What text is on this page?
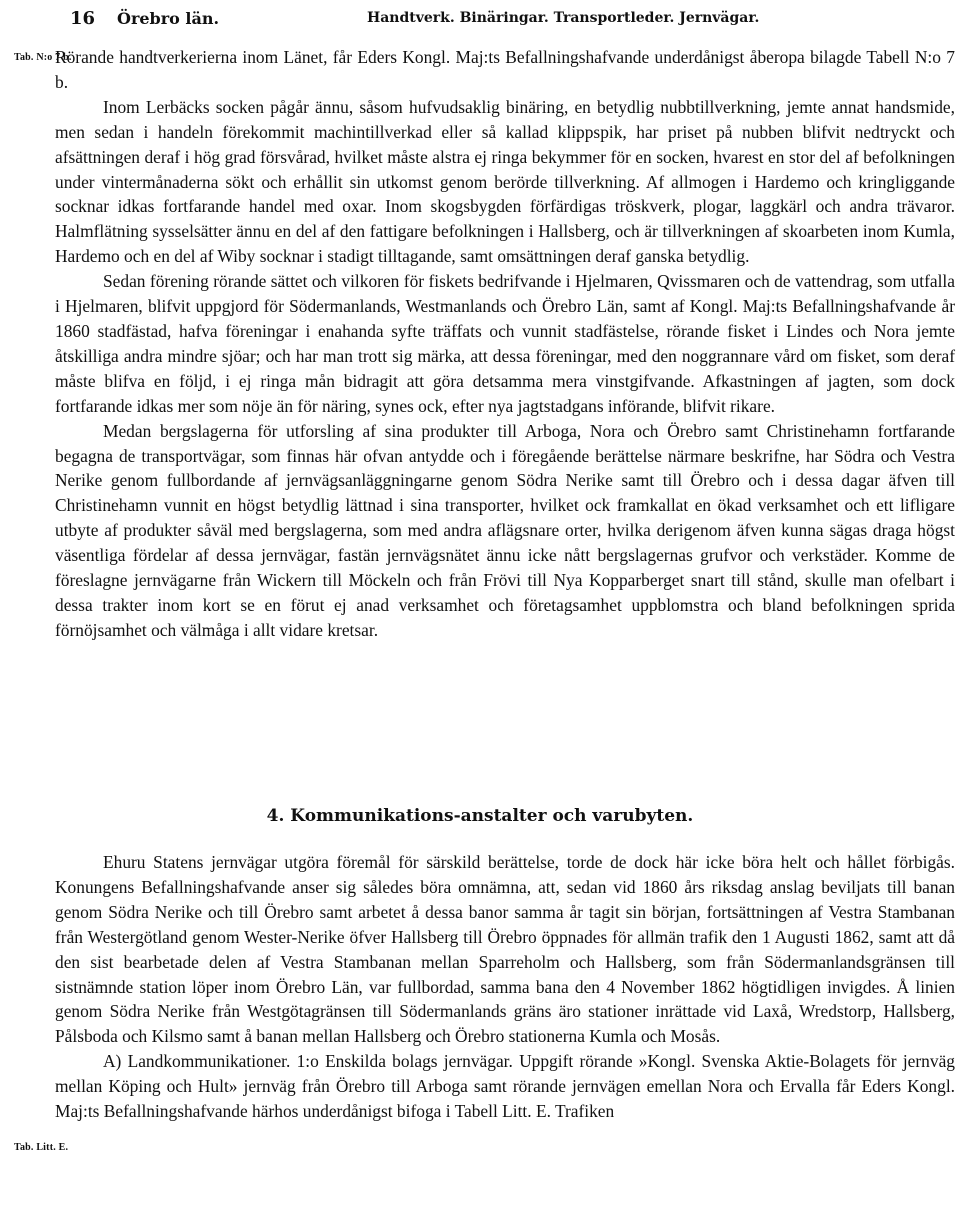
16 Örebro län.	Handtverk. Binäringar. Transportleder. Jernvägar.
Tab. N:o 7 b.

Rörande handtverkerierna inom Länet, får Eders Kongl. Maj:ts Befallningshafvande underdånigst åberopa bilagde Tabell N:o 7 b.

Inom Lerbäcks socken pågår ännu, såsom hufvudsaklig binäring, en betydlig nubbtillverkning, jemte annat handsmide, men sedan i handeln förekommit machintillverkad eller så kallad klippspik, har priset på nubben blifvit nedtryckt och afsättningen deraf i hög grad försvårad, hvilket måste alstra ej ringa bekymmer för en socken, hvarest en stor del af befolkningen under vintermånaderna sökt och erhållit sin utkomst genom berörde tillverkning. Af allmogen i Hardemo och kringliggande socknar idkas fortfarande handel med oxar. Inom skogsbygden förfärdigas tröskverk, plogar, laggkärl och andra trävaror. Halmflätning sysselsätter ännu en del af den fattigare befolkningen i Hallsberg, och är tillverkningen af skoarbeten inom Kumla, Hardemo och en del af Wiby socknar i stadigt tilltagande, samt omsättningen deraf ganska betydlig.

Sedan förening rörande sättet och vilkoren för fiskets bedrifvande i Hjelmaren, Qvissmaren och de vattendrag, som utfalla i Hjelmaren, blifvit uppgjord för Södermanlands, Westmanlands och Örebro Län, samt af Kongl. Maj:ts Befallningshafvande år 1860 stadfästad, hafva föreningar i enahanda syfte träffats och vunnit stadfästelse, rörande fisket i Lindes och Nora jemte åtskilliga andra mindre sjöar; och har man trott sig märka, att dessa föreningar, med den noggrannare vård om fisket, som deraf måste blifva en följd, i ej ringa mån bidragit att göra detsamma mera vinstgifvande. Afkastningen af jagten, som dock fortfarande idkas mer som nöje än för näring, synes ock, efter nya jagtstadgans införande, blifvit rikare.

Medan bergslagerna för utforsling af sina produkter till Arboga, Nora och Örebro samt Christinehamn fortfarande begagna de transportvägar, som finnas här ofvan antydde och i föregående berättelse närmare beskrifne, har Södra och Vestra Nerike genom fullbordande af jernvägsanläggningarne genom Södra Nerike samt till Örebro och i dessa dagar äfven till Christinehamn vunnit en högst betydlig lättnad i sina transporter, hvilket ock framkallat en ökad verksamhet och ett lifligare utbyte af produkter såväl med bergslagerna, som med andra aflägsnare orter, hvilka derigenom äfven kunna sägas draga högst väsentliga fördelar af dessa jernvägar, fastän jernvägsnätet ännu icke nått bergslagernas grufvor och verkstäder. Komme de föreslagne jernvägarne från Wickern till Möckeln och från Frövi till Nya Kopparberget snart till stånd, skulle man ofelbart i dessa trakter inom kort se en förut ej anad verksamhet och företagsamhet uppblomstra och bland befolkningen sprida förnöjsamhet och välmåga i allt vidare kretsar.

4. Kommunikations-anstalter och varubyten.

Ehuru Statens jernvägar utgöra föremål för särskild berättelse, torde de dock här icke böra helt och hållet förbigås. Konungens Befallningshafvande anser sig således böra omnämna, att, sedan vid 1860 års riksdag anslag beviljats till banan genom Södra Nerike och till Örebro samt arbetet å dessa banor samma år tagit sin början, fortsättningen af Vestra Stambanan från Westergötland genom Wester-Nerike öfver Hallsberg till Örebro öppnades för allmän trafik den 1 Augusti 1862, samt att då den sist bearbetade delen af Vestra Stambanan mellan Sparreholm och Hallsberg, som från Södermanlandsgränsen till sistnämnde station löper inom Örebro Län, var fullbordad, samma bana den 4 November 1862 högtidligen invigdes. Å linien genom Södra Nerike från Westgötagränsen till Södermanlands gräns äro stationer inrättade vid Laxå, Wredstorp, Hallsberg, Pålsboda och Kilsmo samt å banan mellan Hallsberg och Örebro stationerna Kumla och Mosås.

A) Landkommunikationer. 1:o Enskilda bolags jernvägar. Uppgift rörande »Kongl. Svenska Aktie-Bolagets för jernväg mellan Köping och Hult» jernväg från Örebro till Arboga samt rörande jernvägen emellan Nora och Ervalla får Eders Kongl. Maj:ts Befallningshafvande härhos underdånigst bifoga i Tabell Litt. E. Trafiken

Tab. Litt. E.
